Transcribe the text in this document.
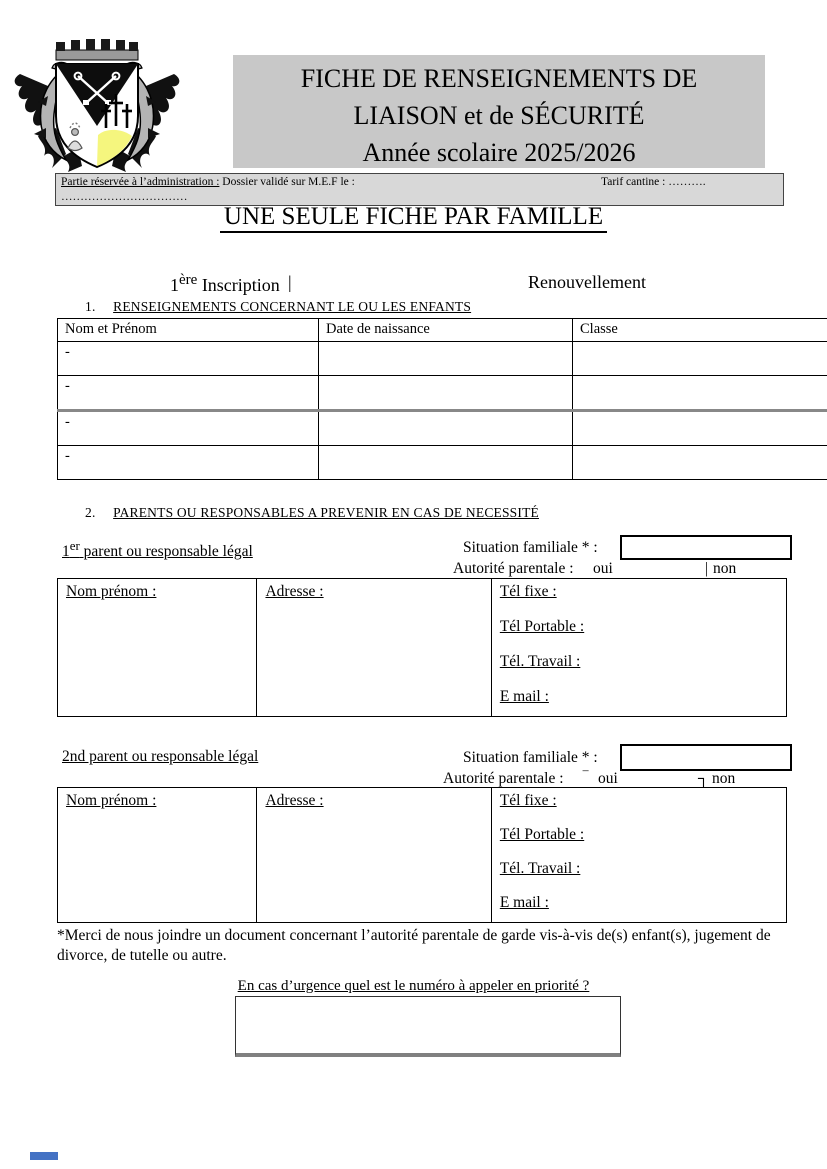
FICHE DE RENSEIGNEMENTS DE
LIAISON et de SÉCURITÉ
Année scolaire 2025/2026
Partie réservée à l’administration : Dossier validé sur M.E.F le :	Tarif cantine : ……….
……………………………
UNE SEULE FICHE PAR FAMILLE
1ère Inscription |	Renouvellement
1. RENSEIGNEMENTS CONCERNANT LE OU LES ENFANTS
Nom et Prénom	Date de naissance	Classe
-		
-		
-		
-		
2. PARENTS OU RESPONSABLES A PREVENIR EN CAS DE NECESSITÉ
1er parent ou responsable légal	Situation familiale * :
Autorité parentale : oui	| non
Nom prénom :	Adresse :	Tél fixe :
Tél Portable :
Tél. Travail :
E mail :
2nd parent ou responsable légal	Situation familiale * :
Autorité parentale : ‾ oui	┐ non
Nom prénom :	Adresse :	Tél fixe :
Tél Portable :
Tél. Travail :
E mail :
*Merci de nous joindre un document concernant l’autorité parentale de garde vis-à-vis de(s) enfant(s), jugement de divorce, de tutelle ou autre.
En cas d’urgence quel est le numéro à appeler en priorité ?
